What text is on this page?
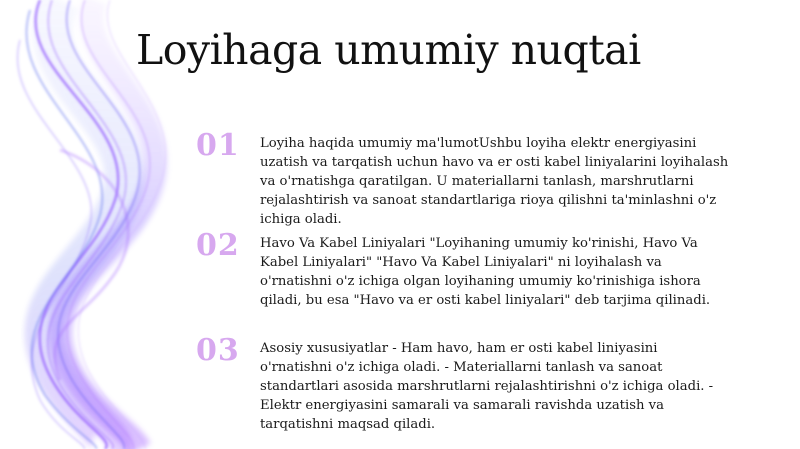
Loyihaga umumiy nuqtai
01	Loyiha haqida umumiy ma'lumotUshbu loyiha elektr energiyasini uzatish va tarqatish uchun havo va er osti kabel liniyalarini loyihalash va o'rnatishga qaratilgan. U materiallarni tanlash, marshrutlarni rejalashtirish va sanoat standartlariga rioya qilishni ta'minlashni o'z ichiga oladi.

02	Havo Va Kabel Liniyalari "Loyihaning umumiy ko'rinishi, Havo Va Kabel Liniyalari" "Havo Va Kabel Liniyalari" ni loyihalash va o'rnatishni o'z ichiga olgan loyihaning umumiy ko'rinishiga ishora qiladi, bu esa "Havo va er osti kabel liniyalari" deb tarjima qilinadi.

03	Asosiy xususiyatlar - Ham havo, ham er osti kabel liniyasini o'rnatishni o'z ichiga oladi. - Materiallarni tanlash va sanoat standartlari asosida marshrutlarni rejalashtirishni o'z ichiga oladi. - Elektr energiyasini samarali va samarali ravishda uzatish va tarqatishni maqsad qiladi.
